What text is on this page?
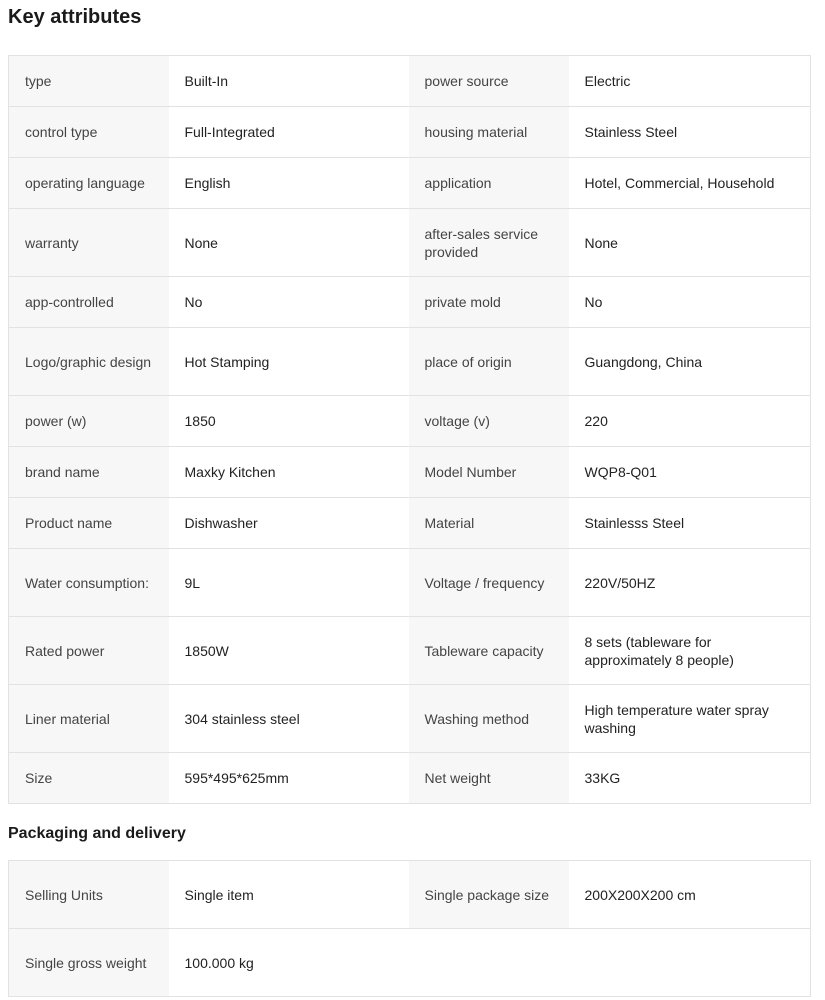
Key attributes
type	Built-In	power source	Electric
control type	Full-Integrated	housing material	Stainless Steel
operating language	English	application	Hotel, Commercial, Household
warranty	None	after-sales service provided	None
app-controlled	No	private mold	No
Logo/graphic design	Hot Stamping	place of origin	Guangdong, China
power (w)	1850	voltage (v)	220
brand name	Maxky Kitchen	Model Number	WQP8-Q01
Product name	Dishwasher	Material	Stainlesss Steel
Water consumption:	9L	Voltage / frequency	220V/50HZ
Rated power	1850W	Tableware capacity	8 sets (tableware for approximately 8 people)
Liner material	304 stainless steel	Washing method	High temperature water spray washing
Size	595*495*625mm	Net weight	33KG
Packaging and delivery
Selling Units	Single item	Single package size	200X200X200 cm
Single gross weight	100.000 kg		
